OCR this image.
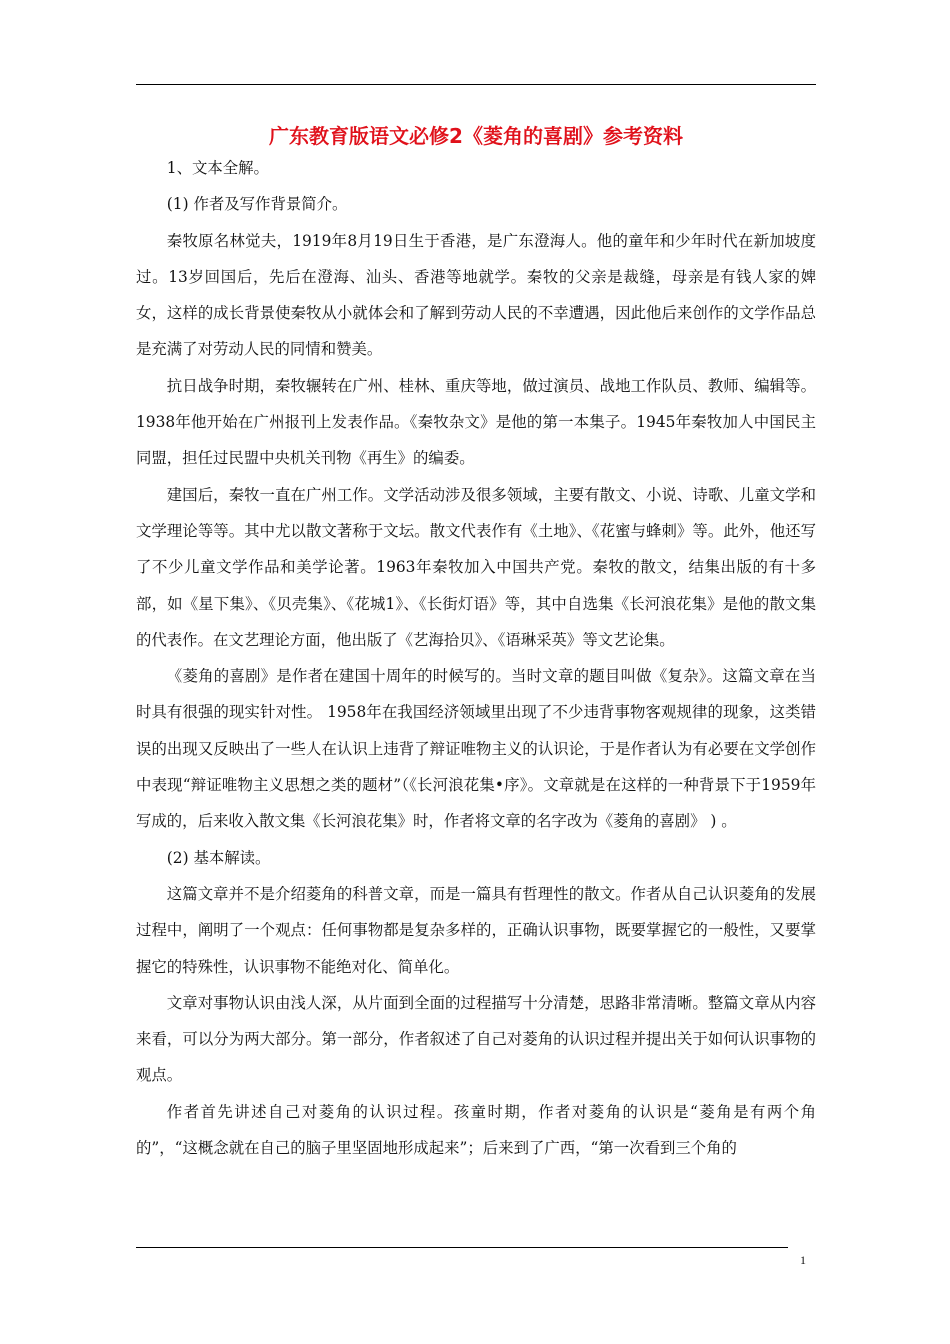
广东教育版语文必修2《菱角的喜剧》参考资料

1、文本全解。

(1) 作者及写作背景简介。

秦牧原名林觉夫，1919年8月19日生于香港，是广东澄海人。他的童年和少年时代在新加坡度过。13岁回国后，先后在澄海、汕头、香港等地就学。秦牧的父亲是裁缝，母亲是有钱人家的婢女，这样的成长背景使秦牧从小就体会和了解到劳动人民的不幸遭遇，因此他后来创作的文学作品总是充满了对劳动人民的同情和赞美。

抗日战争时期，秦牧辗转在广州、桂林、重庆等地，做过演员、战地工作队员、教师、编辑等。1938年他开始在广州报刊上发表作品。《秦牧杂文》是他的第一本集子。1945年秦牧加人中国民主同盟，担任过民盟中央机关刊物《再生》的编委。

建国后，秦牧一直在广州工作。文学活动涉及很多领域，主要有散文、小说、诗歌、儿童文学和文学理论等等。其中尤以散文著称于文坛。散文代表作有《土地》、《花蜜与蜂刺》等。此外，他还写了不少儿童文学作品和美学论著。1963年秦牧加入中国共产党。秦牧的散文，结集出版的有十多部，如《星下集》、《贝壳集》、《花城1》、《长街灯语》等，其中自选集《长河浪花集》是他的散文集的代表作。在文艺理论方面，他出版了《艺海拾贝》、《语琳采英》等文艺论集。

《菱角的喜剧》是作者在建国十周年的时候写的。当时文章的题目叫做《复杂》。这篇文章在当时具有很强的现实针对性。 1958年在我国经济领域里出现了不少违背事物客观规律的现象，这类错误的出现又反映出了一些人在认识上违背了辩证唯物主义的认识论，于是作者认为有必要在文学创作中表现“辩证唯物主义思想之类的题材”（《长河浪花集•序》。文章就是在这样的一种背景下于1959年写成的，后来收入散文集《长河浪花集》时，作者将文章的名字改为《菱角的喜剧》 ) 。

(2) 基本解读。

这篇文章并不是介绍菱角的科普文章，而是一篇具有哲理性的散文。作者从自己认识菱角的发展过程中，阐明了一个观点：任何事物都是复杂多样的，正确认识事物，既要掌握它的一般性，又要掌握它的特殊性，认识事物不能绝对化、简单化。

文章对事物认识由浅人深，从片面到全面的过程描写十分清楚，思路非常清晰。整篇文章从内容来看，可以分为两大部分。第一部分，作者叙述了自己对菱角的认识过程并提出关于如何认识事物的观点。

作者首先讲述自己对菱角的认识过程。孩童时期，作者对菱角的认识是“菱角是有两个角的”，“这概念就在自己的脑子里坚固地形成起来”；后来到了广西，“第一次看到三个角的

1
